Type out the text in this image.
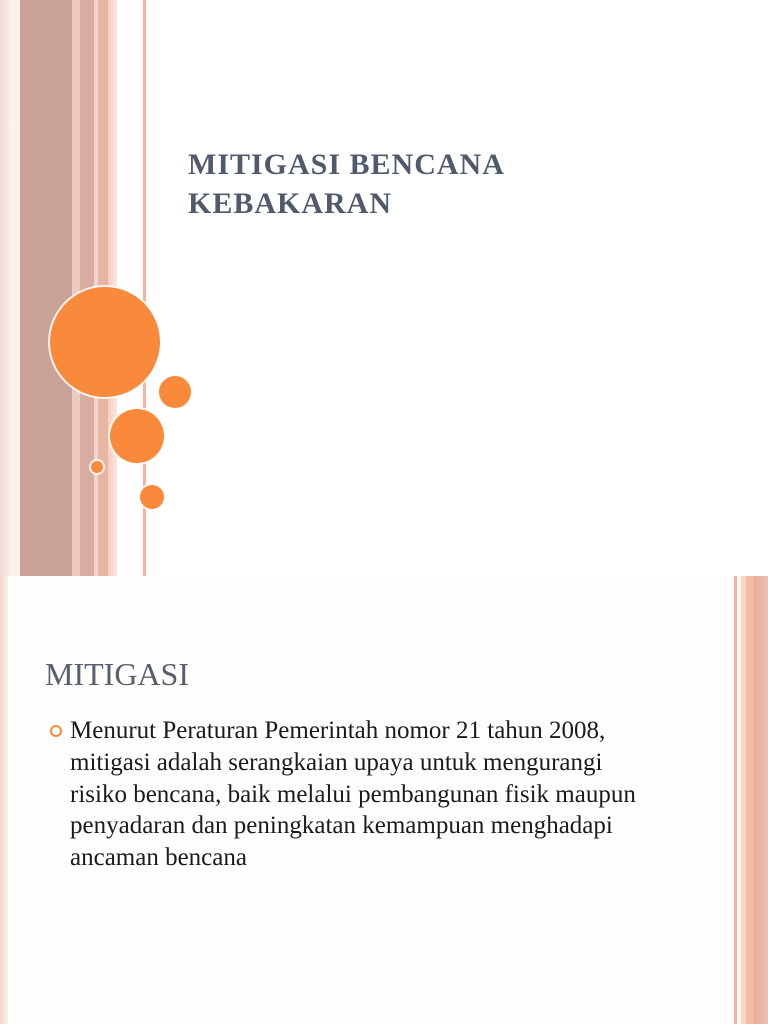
MITIGASI BENCANA
KEBAKARAN
MITIGASI
Menurut Peraturan Pemerintah nomor 21 tahun 2008,
mitigasi adalah serangkaian upaya untuk mengurangi
risiko bencana, baik melalui pembangunan fisik maupun
penyadaran dan peningkatan kemampuan menghadapi
ancaman bencana
